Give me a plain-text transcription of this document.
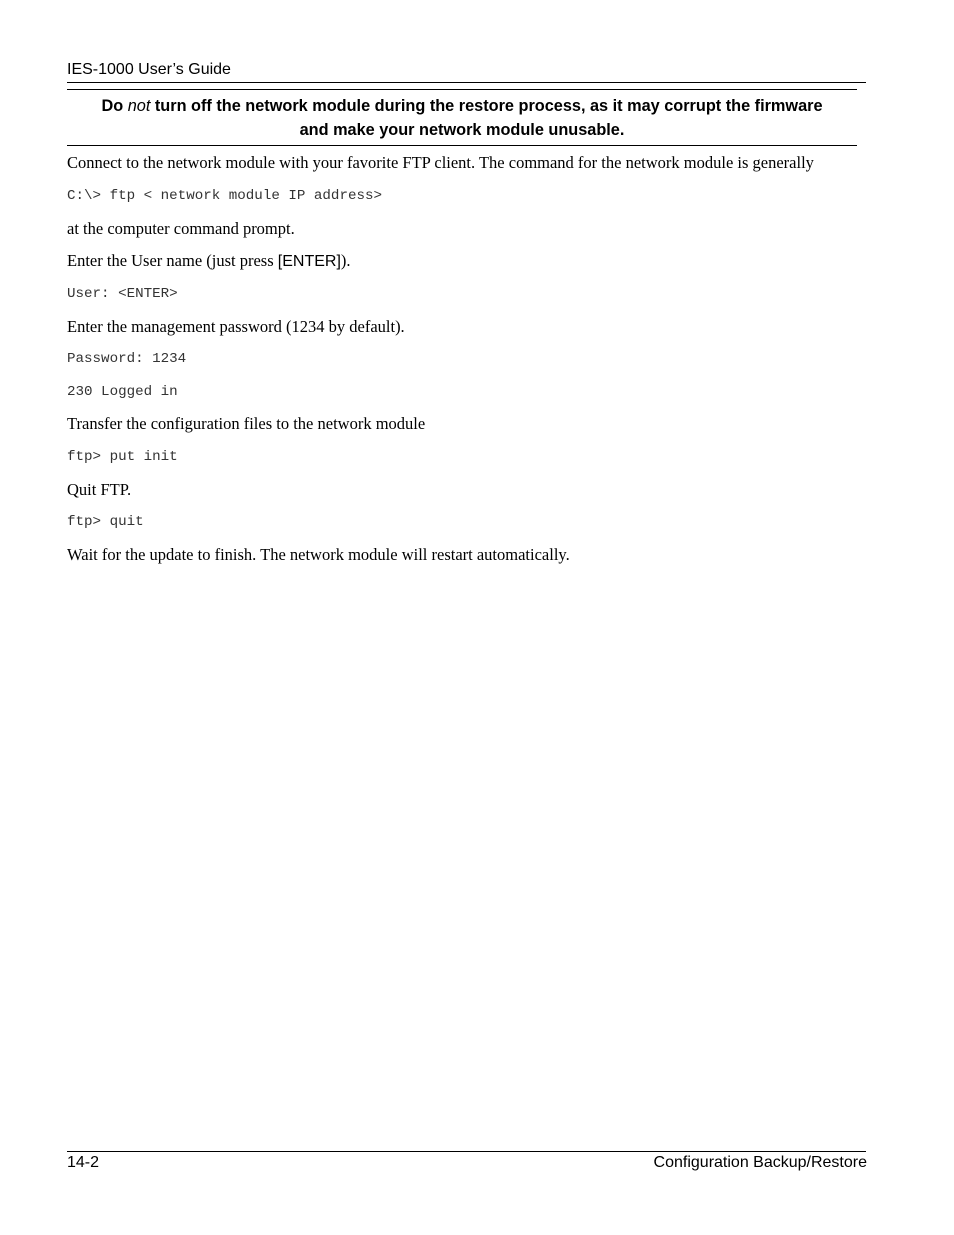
IES-1000 User’s Guide
Do not turn off the network module during the restore process, as it may corrupt the firmware
and make your network module unusable.
Connect to the network module with your favorite FTP client. The command for the network module is generally
C:\> ftp < network module IP address>
at the computer command prompt.
Enter the User name (just press [ENTER]).
User: <ENTER>
Enter the management password (1234 by default).
Password: 1234
230 Logged in
Transfer the configuration files to the network module
ftp> put init
Quit FTP.
ftp> quit
Wait for the update to finish. The network module will restart automatically.
14-2	Configuration Backup/Restore
